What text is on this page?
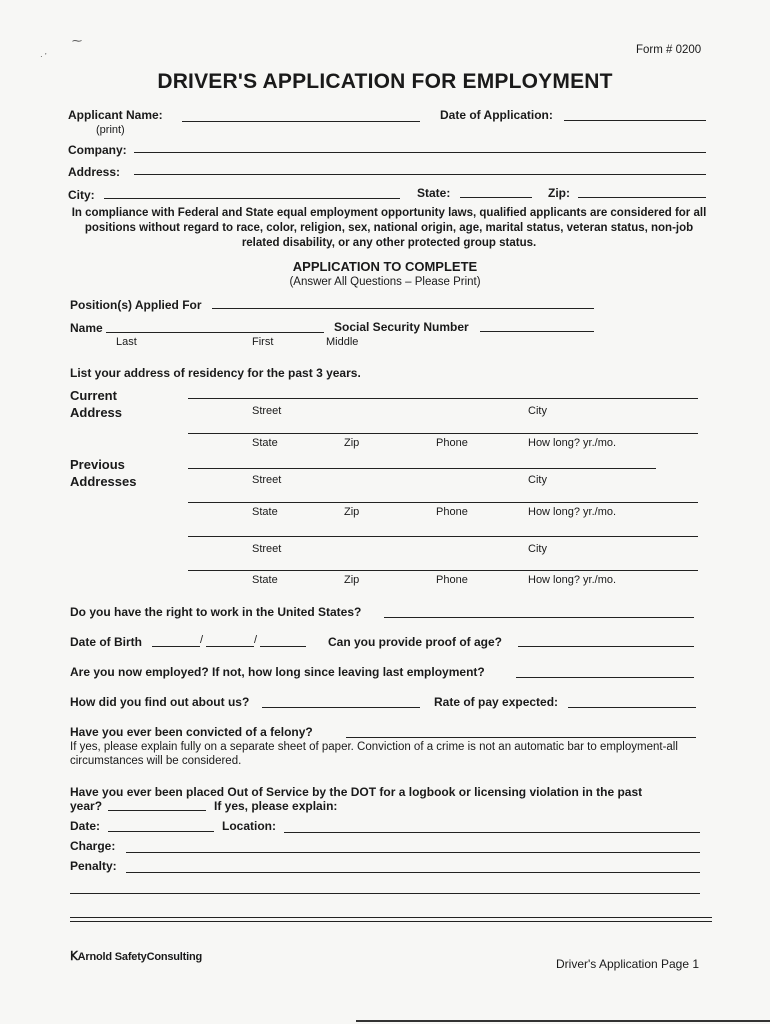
⁓
· ’
Form # 0200
DRIVER'S APPLICATION FOR EMPLOYMENT
Applicant Name:	Date of Application:
(print)
Company:
Address:
City:	State:	Zip:
In compliance with Federal and State equal employment opportunity laws, qualified applicants are considered for all positions without regard to race, color, religion, sex, national origin, age, marital status, veteran status, non-job related disability, or any other protected group status.
APPLICATION TO COMPLETE
(Answer All Questions – Please Print)
Position(s) Applied For
Name	Social Security Number
Last	First	Middle
List your address of residency for the past 3 years.
Current
Address	Street	City
State	Zip	Phone	How long? yr./mo.
Previous
Addresses	Street	City
State	Zip	Phone	How long? yr./mo.
Street	City
State	Zip	Phone	How long? yr./mo.
Do you have the right to work in the United States?
Date of Birth	/	/	Can you provide proof of age?
Are you now employed? If not, how long since leaving last employment?
How did you find out about us?	Rate of pay expected:
Have you ever been convicted of a felony?
If yes, please explain fully on a separate sheet of paper. Conviction of a crime is not an automatic bar to employment-all circumstances will be considered.
Have you ever been placed Out of Service by the DOT for a logbook or licensing violation in the past
year?	If yes, please explain:
Date:	Location:
Charge:
Penalty:
𝖪Arnold SafetyConsulting	Driver's Application Page 1
